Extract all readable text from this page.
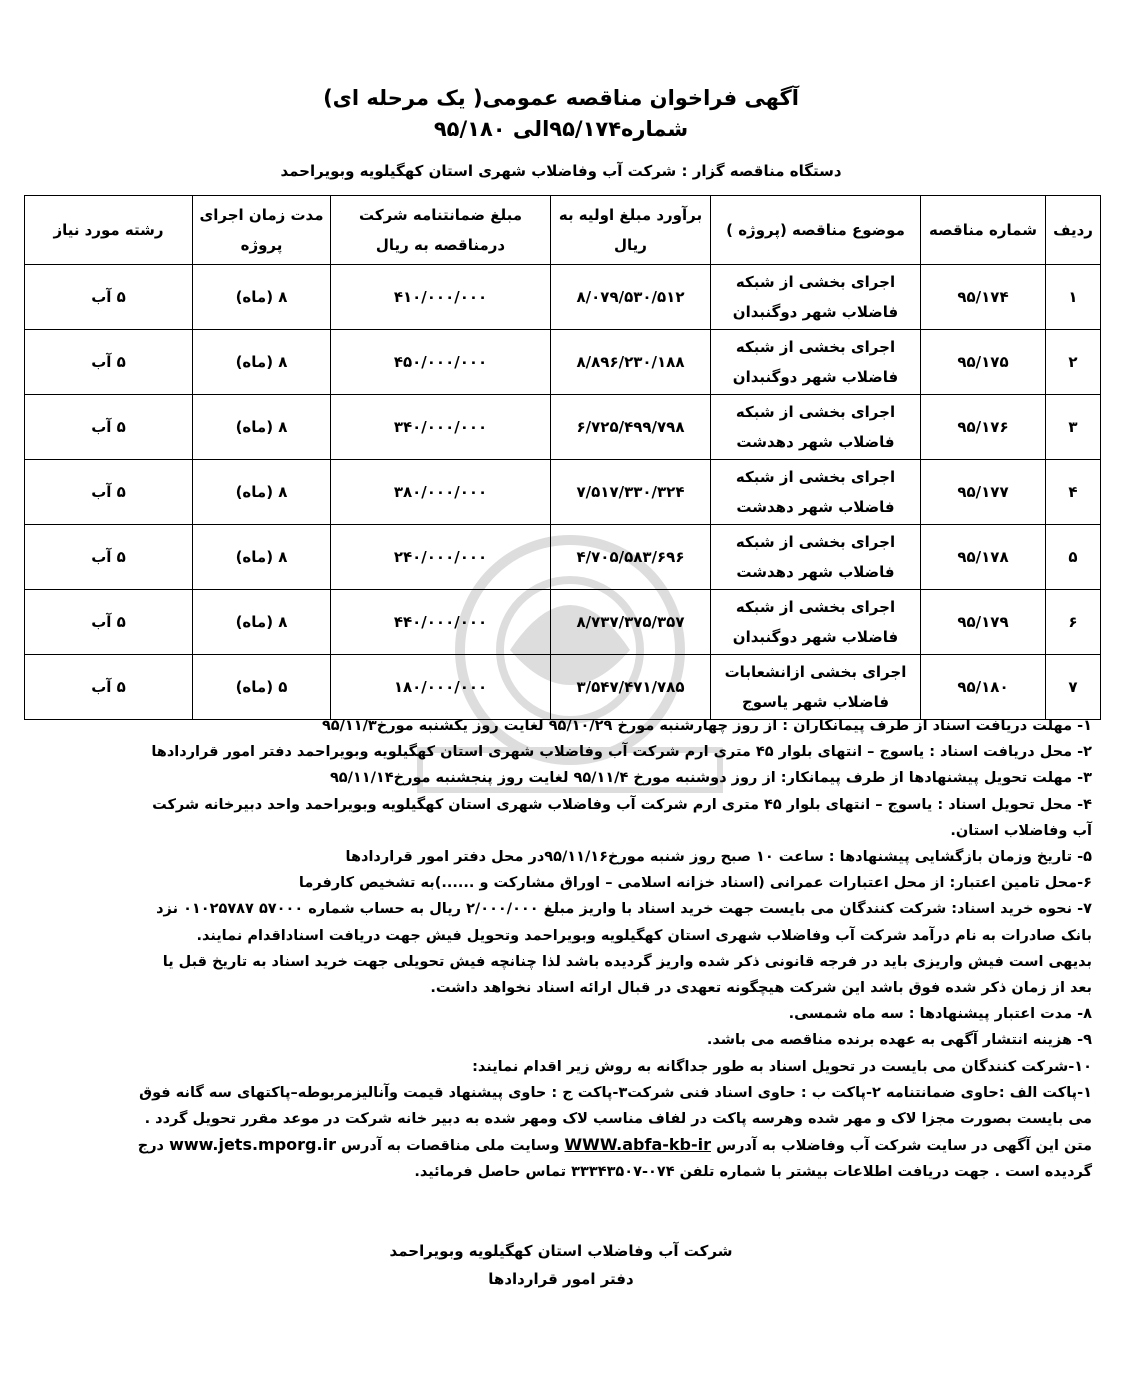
آگهی فراخوان مناقصه عمومی( یک مرحله ای)
شماره۹۵/۱۷۴الی ۹۵/۱۸۰
دستگاه مناقصه گزار : شرکت آب وفاضلاب شهری استان کهگیلویه وبویراحمد
ردیف	شماره مناقصه	موضوع مناقصه (پروژه )	برآورد مبلغ اولیه به ریال	مبلغ ضمانتنامه شرکت درمناقصه به ریال	مدت زمان اجرای پروژه	رشته مورد نیاز
۱	۹۵/۱۷۴	اجرای بخشی از شبکه فاضلاب شهر دوگنبدان	۸/۰۷۹/۵۳۰/۵۱۲	۴۱۰/۰۰۰/۰۰۰	۸ (ماه)	۵ آب
۲	۹۵/۱۷۵	اجرای بخشی از شبکه فاضلاب شهر دوگنبدان	۸/۸۹۶/۲۳۰/۱۸۸	۴۵۰/۰۰۰/۰۰۰	۸ (ماه)	۵ آب
۳	۹۵/۱۷۶	اجرای بخشی از شبکه فاضلاب شهر دهدشت	۶/۷۲۵/۴۹۹/۷۹۸	۳۴۰/۰۰۰/۰۰۰	۸ (ماه)	۵ آب
۴	۹۵/۱۷۷	اجرای بخشی از شبکه فاضلاب شهر دهدشت	۷/۵۱۷/۳۳۰/۳۲۴	۳۸۰/۰۰۰/۰۰۰	۸ (ماه)	۵ آب
۵	۹۵/۱۷۸	اجرای بخشی از شبکه فاضلاب شهر دهدشت	۴/۷۰۵/۵۸۳/۶۹۶	۲۴۰/۰۰۰/۰۰۰	۸ (ماه)	۵ آب
۶	۹۵/۱۷۹	اجرای بخشی از شبکه فاضلاب شهر دوگنبدان	۸/۷۳۷/۳۷۵/۳۵۷	۴۴۰/۰۰۰/۰۰۰	۸ (ماه)	۵ آب
۷	۹۵/۱۸۰	اجرای بخشی ازانشعابات فاضلاب شهر یاسوج	۳/۵۴۷/۴۷۱/۷۸۵	۱۸۰/۰۰۰/۰۰۰	۵ (ماه)	۵ آب

۱- مهلت دریافت اسناد از طرف پیمانکاران : از روز چهارشنبه مورخ ۹۵/۱۰/۲۹ لغایت روز یکشنبه مورخ۹۵/۱۱/۳

۲- محل دریافت اسناد : یاسوج – انتهای بلوار ۴۵ متری ارم شرکت آب وفاضلاب شهری استان کهگیلویه وبویراحمد دفتر امور قراردادها

۳- مهلت تحویل پیشنهادها از طرف پیمانکار: از روز دوشنبه مورخ ۹۵/۱۱/۴ لغایت روز پنجشنبه مورخ۹۵/۱۱/۱۴

۴- محل تحویل اسناد : یاسوج – انتهای بلوار ۴۵ متری ارم شرکت آب وفاضلاب شهری استان کهگیلویه وبویراحمد واحد دبیرخانه شرکت آب وفاضلاب استان.

۵- تاریخ وزمان بازگشایی پیشنهادها : ساعت ۱۰ صبح روز شنبه مورخ۹۵/۱۱/۱۶در محل دفتر امور قراردادها

۶-محل تامین اعتبار: از محل اعتبارات عمرانی (اسناد خزانه اسلامی – اوراق مشارکت و ......)به تشخیص کارفرما

۷- نحوه خرید اسناد: شرکت کنندگان می بایست جهت خرید اسناد با واریز مبلغ ۲/۰۰۰/۰۰۰ ریال به حساب شماره ۵۷۰۰۰ ۰۱۰۲۵۷۸۷ نزد بانک صادرات به نام درآمد شرکت آب وفاضلاب شهری استان کهگیلویه وبویراحمد وتحویل فیش جهت دریافت اسناداقدام نمایند.

بدیهی است فیش واریزی باید در فرجه قانونی ذکر شده واریز گردیده باشد لذا چنانچه فیش تحویلی جهت خرید اسناد به تاریخ قبل یا بعد از زمان ذکر شده فوق باشد این شرکت هیچگونه تعهدی در قبال ارائه اسناد نخواهد داشت.

۸- مدت اعتبار پیشنهادها : سه ماه شمسی.

۹- هزینه انتشار آگهی به عهده برنده مناقصه می باشد.

۱۰-شرکت کنندگان می بایست در تحویل اسناد به طور جداگانه به روش زیر اقدام نمایند:

۱-پاکت الف :حاوی ضمانتنامه ۲-پاکت ب : حاوی اسناد فنی شرکت۳-پاکت ج : حاوی پیشنهاد قیمت وآنالیزمربوطه–پاکتهای سه گانه فوق می بایست بصورت مجزا لاک و مهر شده وهرسه پاکت در لفاف مناسب لاک ومهر شده به دبیر خانه شرکت در موعد مقرر تحویل گردد .

متن این آگهی در سایت شرکت آب وفاضلاب به آدرس WWW.abfa-kb-ir وسایت ملی مناقصات به آدرس www.jets.mporg.ir درج گردیده است . جهت دریافت اطلاعات بیشتر با شماره تلفن ۰۷۴-۳۳۳۴۳۵۰۷ تماس حاصل فرمائید.

شرکت آب وفاضلاب استان کهگیلویه وبویراحمد
دفتر امور قراردادها
